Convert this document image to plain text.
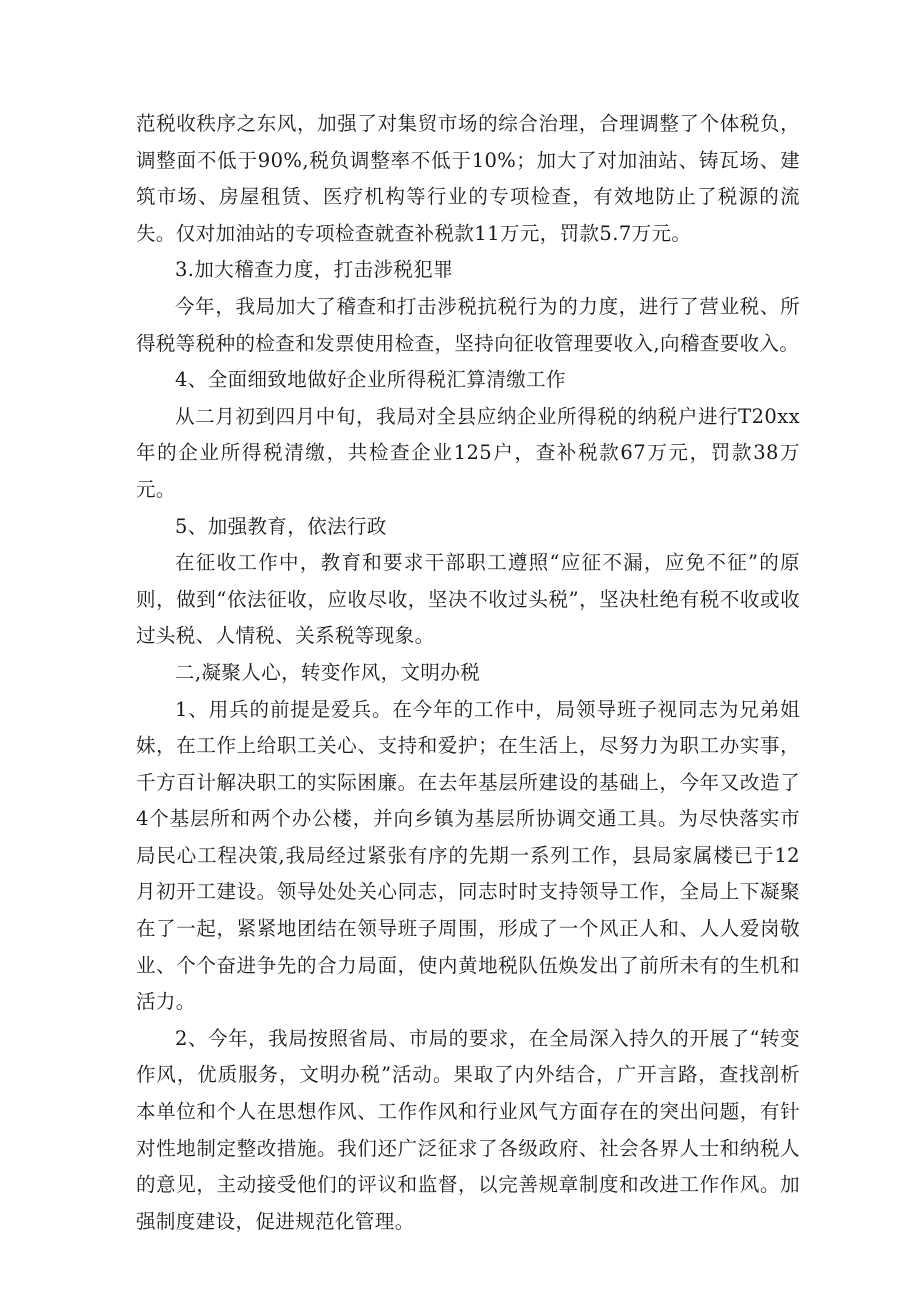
范税收秩序之东风，加强了对集贸市场的综合治理，合理调整了个体税负，调整面不低于90%,税负调整率不低于10%；加大了对加油站、铸瓦场、建筑市场、房屋租赁、医疗机构等行业的专项检查，有效地防止了税源的流失。仅对加油站的专项检查就查补税款11万元，罚款5.7万元。

3.加大稽查力度，打击涉税犯罪

今年，我局加大了稽查和打击涉税抗税行为的力度，进行了营业税、所得税等税种的检查和发票使用检查，坚持向征收管理要收入,向稽查要收入。

4、全面细致地做好企业所得税汇算清缴工作

从二月初到四月中旬，我局对全县应纳企业所得税的纳税户进行T20xx年的企业所得税清缴，共检查企业125户，查补税款67万元，罚款38万元。

5、加强教育，依法行政

在征收工作中，教育和要求干部职工遵照“应征不漏，应免不征”的原则，做到“依法征收，应收尽收，坚决不收过头税”，坚决杜绝有税不收或收过头税、人情税、关系税等现象。

二,凝聚人心，转变作风，文明办税

1、用兵的前提是爱兵。在今年的工作中，局领导班子视同志为兄弟姐妹，在工作上给职工关心、支持和爱护；在生活上，尽努力为职工办实事，千方百计解决职工的实际困廉。在去年基层所建设的基础上，今年又改造了4个基层所和两个办公楼，并向乡镇为基层所协调交通工具。为尽快落实市局民心工程决策,我局经过紧张有序的先期一系列工作，县局家属楼已于12月初开工建设。领导处处关心同志，同志时时支持领导工作，全局上下凝聚在了一起，紧紧地团结在领导班子周围，形成了一个风正人和、人人爱岗敬业、个个奋进争先的合力局面，使内黄地税队伍焕发出了前所未有的生机和活力。

2、今年，我局按照省局、市局的要求，在全局深入持久的开展了“转变作风，优质服务，文明办税”活动。果取了内外结合，广开言路，查找剖析本单位和个人在思想作风、工作作风和行业风气方面存在的突出问题，有针对性地制定整改措施。我们还广泛征求了各级政府、社会各界人士和纳税人的意见，主动接受他们的评议和监督，以完善规章制度和改进工作作风。加强制度建设，促进规范化管理。
